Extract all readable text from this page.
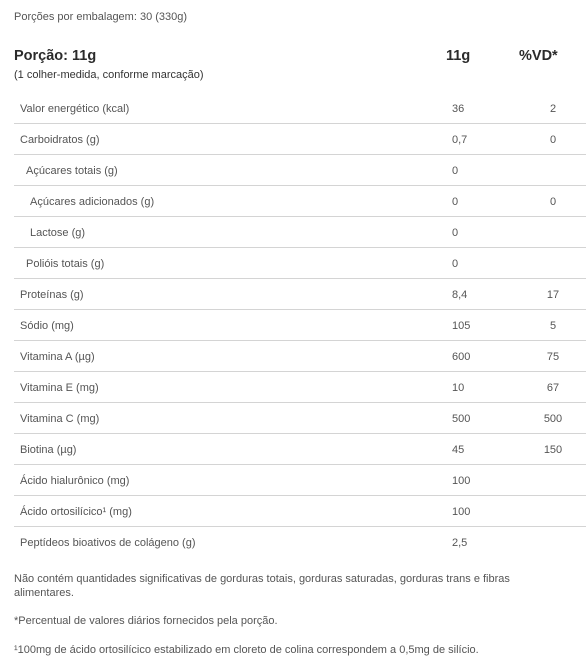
Porções por embalagem: 30 (330g)
Porção: 11g
(1 colher-medida, conforme marcação)
11g	%VD*
Valor energético (kcal)	36	2
Carboidratos (g)	0,7	0
Açúcares totais (g)	0
Açúcares adicionados (g)	0	0
Lactose (g)	0
Polióis totais (g)	0
Proteínas (g)	8,4	17
Sódio (mg)	105	5
Vitamina A (µg)	600	75
Vitamina E (mg)	10	67
Vitamina C (mg)	500	500
Biotina (µg)	45	150
Ácido hialurônico (mg)	100
Ácido ortosilícico¹ (mg)	100
Peptídeos bioativos de colágeno (g)	2,5
Não contém quantidades significativas de gorduras totais, gorduras saturadas, gorduras trans e fibras alimentares.
*Percentual de valores diários fornecidos pela porção.
¹100mg de ácido ortosilícico estabilizado em cloreto de colina correspondem a 0,5mg de silício.
